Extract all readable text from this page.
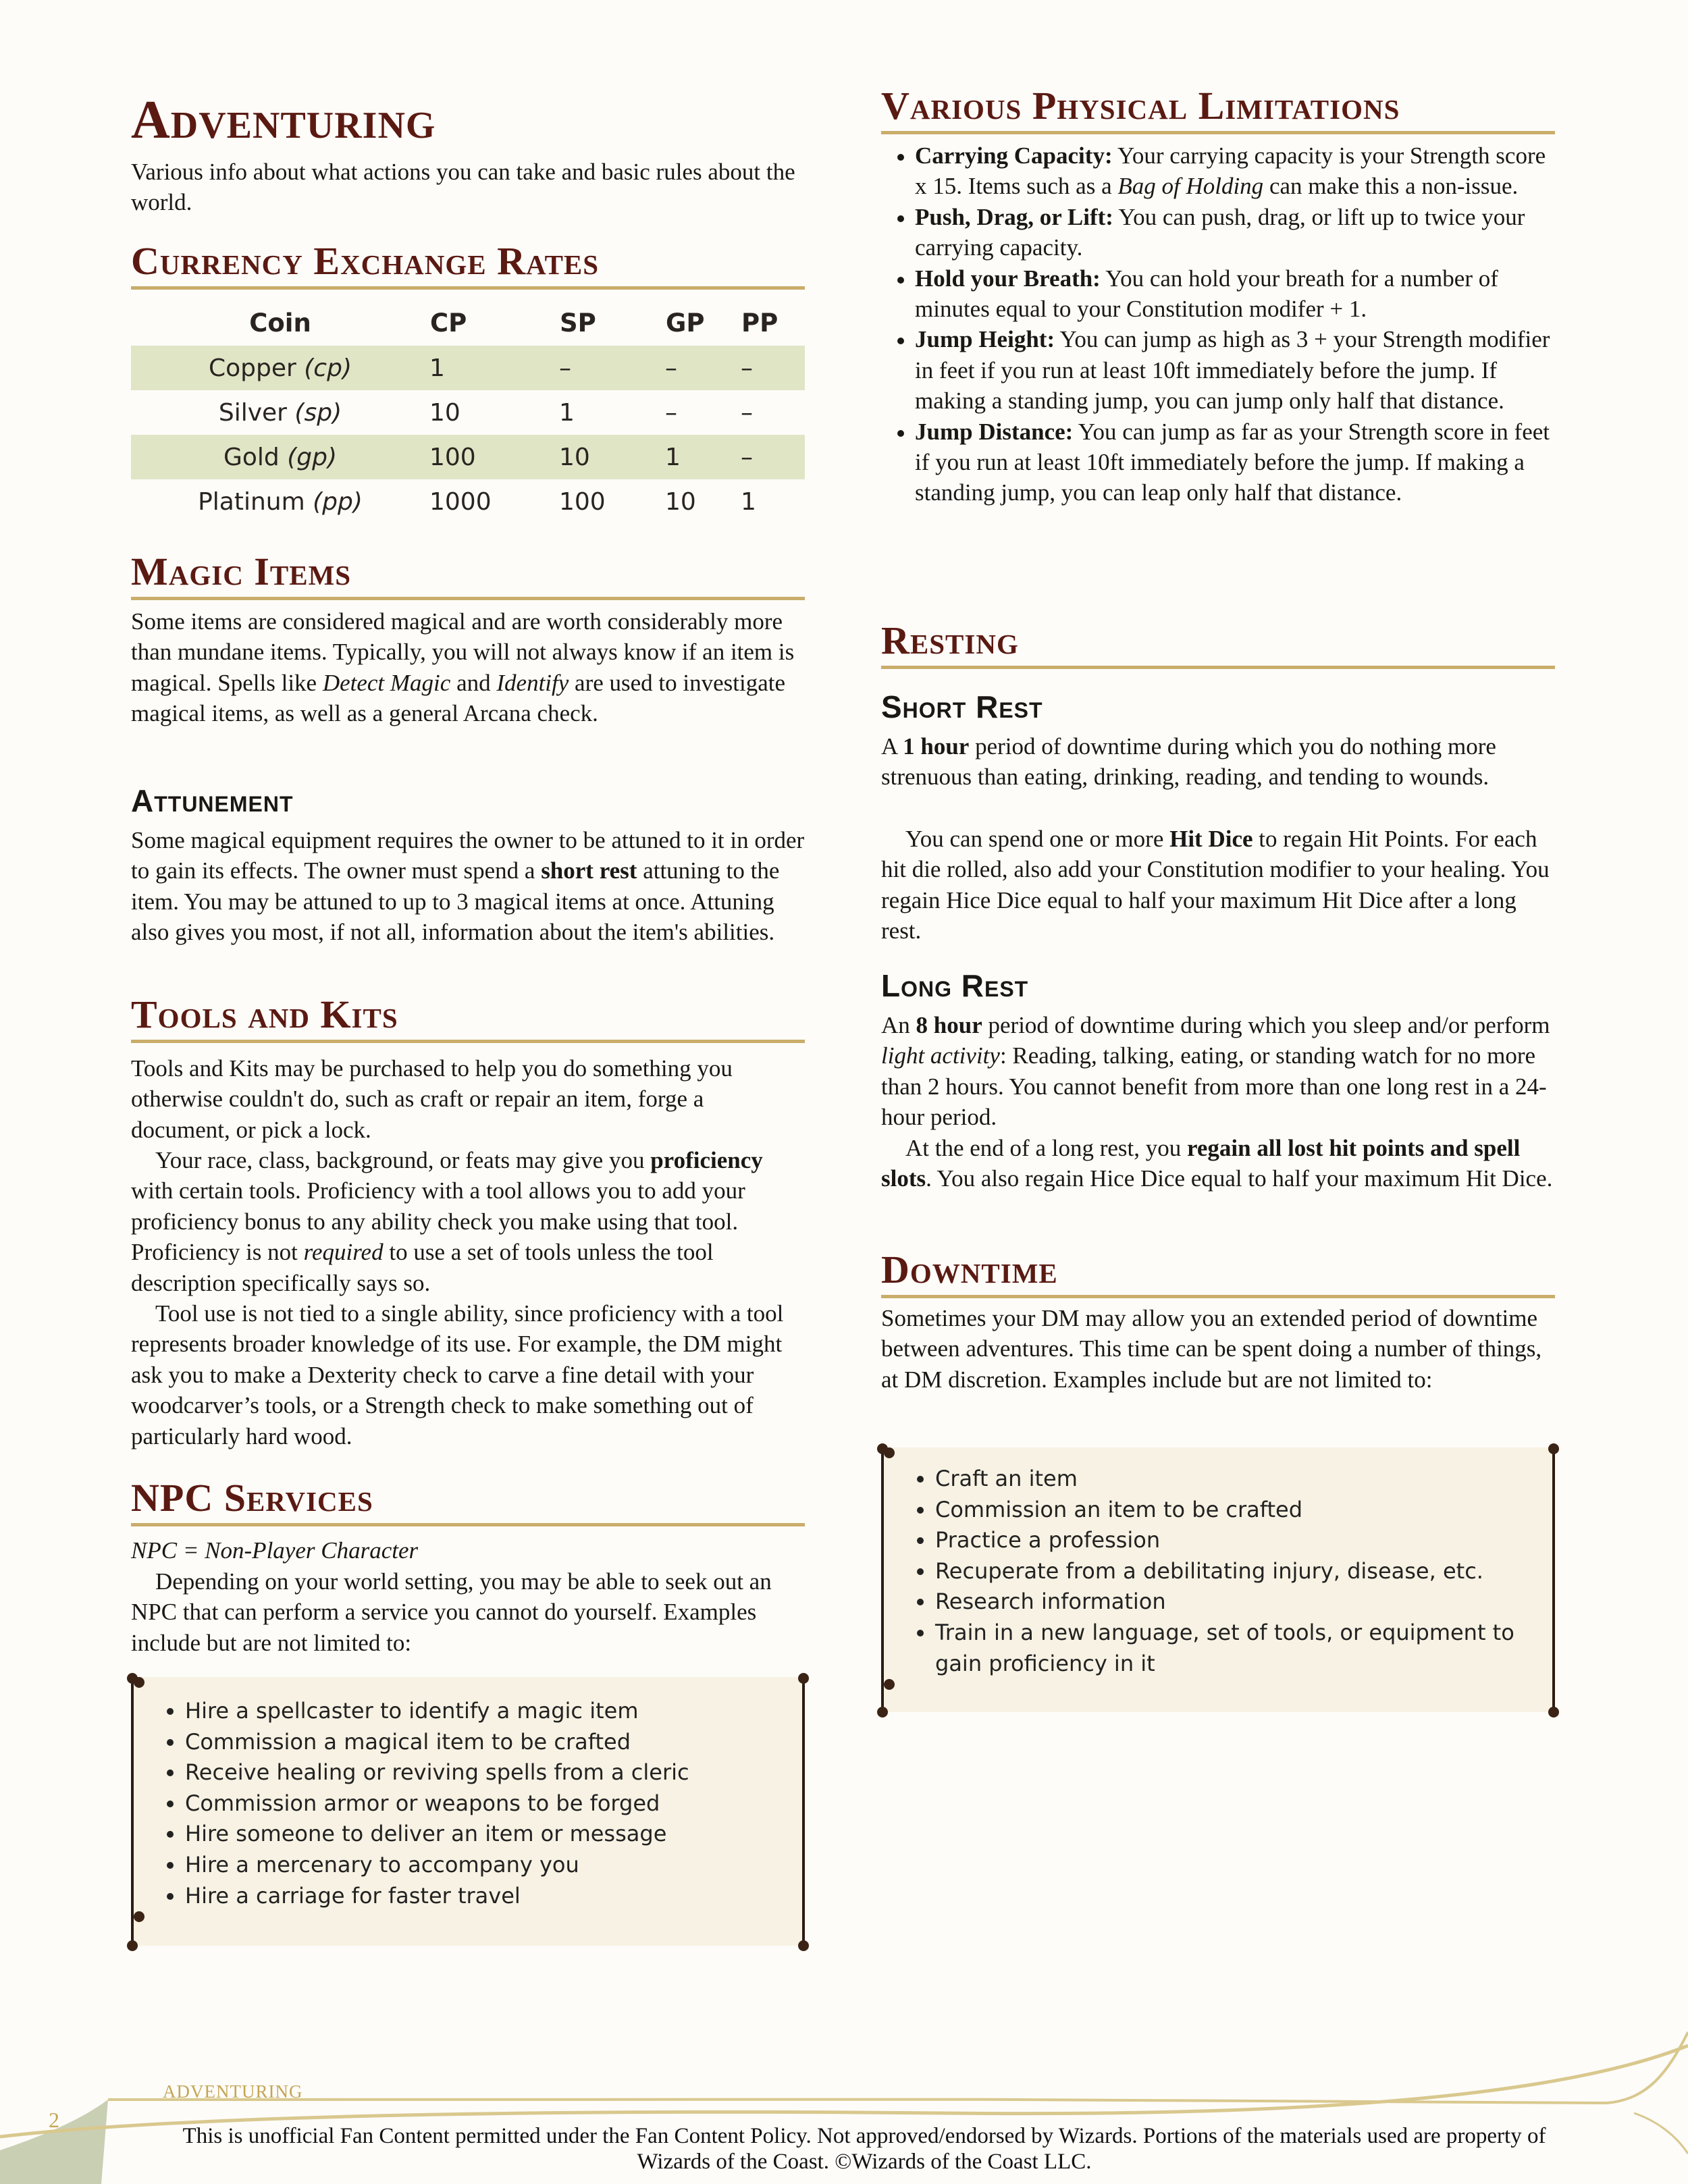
Adventuring

Various info about what actions you can take and basic rules about the world.

Currency Exchange Rates
Coin	CP	SP	GP	PP
Copper (cp)	1	–	–	–
Silver (sp)	10	1	–	–
Gold (gp)	100	10	1	–
Platinum (pp)	1000	100	10	1
Magic Items

Some items are considered magical and are worth considerably more than mundane items. Typically, you will not always know if an item is magical. Spells like Detect Magic and Identify are used to investigate magical items, as well as a general Arcana check.

Attunement

Some magical equipment requires the owner to be attuned to it in order to gain its effects. The owner must spend a short rest attuning to the item. You may be attuned to up to 3 magical items at once. Attuning also gives you most, if not all, information about the item's abilities.

Tools and Kits

Tools and Kits may be purchased to help you do something you otherwise couldn't do, such as craft or repair an item, forge a document, or pick a lock.

Your race, class, background, or feats may give you proficiency with certain tools. Proficiency with a tool allows you to add your proficiency bonus to any ability check you make using that tool. Proficiency is not required to use a set of tools unless the tool description specifically says so.

Tool use is not tied to a single ability, since proficiency with a tool represents broader knowledge of its use. For example, the DM might ask you to make a Dexterity check to carve a fine detail with your woodcarver’s tools, or a Strength check to make something out of particularly hard wood.

NPC Services

NPC = Non-Player Character

Depending on your world setting, you may be able to seek out an NPC that can perform a service you cannot do yourself. Examples include but are not limited to:

• Hire a spellcaster to identify a magic item
• Commission a magical item to be crafted
• Receive healing or reviving spells from a cleric
• Commission armor or weapons to be forged
• Hire someone to deliver an item or message
• Hire a mercenary to accompany you
• Hire a carriage for faster travel
Various Physical Limitations
• Carrying Capacity: Your carrying capacity is your Strength score x 15. Items such as a Bag of Holding can make this a non-issue.
• Push, Drag, or Lift: You can push, drag, or lift up to twice your carrying capacity.
• Hold your Breath: You can hold your breath for a number of minutes equal to your Constitution modifer + 1.
• Jump Height: You can jump as high as 3 + your Strength modifier in feet if you run at least 10ft immediately before the jump. If making a standing jump, you can jump only half that distance.
• Jump Distance: You can jump as far as your Strength score in feet if you run at least 10ft immediately before the jump. If making a standing jump, you can leap only half that distance.
Resting
Short Rest

A 1 hour period of downtime during which you do nothing more strenuous than eating, drinking, reading, and tending to wounds.

You can spend one or more Hit Dice to regain Hit Points. For each hit die rolled, also add your Constitution modifier to your healing. You regain Hice Dice equal to half your maximum Hit Dice after a long rest.

Long Rest

An 8 hour period of downtime during which you sleep and/or perform light activity: Reading, talking, eating, or standing watch for no more than 2 hours. You cannot benefit from more than one long rest in a 24-hour period.

At the end of a long rest, you regain all lost hit points and spell slots. You also regain Hice Dice equal to half your maximum Hit Dice.

Downtime

Sometimes your DM may allow you an extended period of downtime between adventures. This time can be spent doing a number of things, at DM discretion. Examples include but are not limited to:

• Craft an item
• Commission an item to be crafted
• Practice a profession
• Recuperate from a debilitating injury, disease, etc.
• Research information
• Train in a new language, set of tools, or equipment to gain proficiency in it
ADVENTURING
2
This is unofficial Fan Content permitted under the Fan Content Policy. Not approved/endorsed by Wizards. Portions of the materials used are property of Wizards of the Coast. ©Wizards of the Coast LLC.
